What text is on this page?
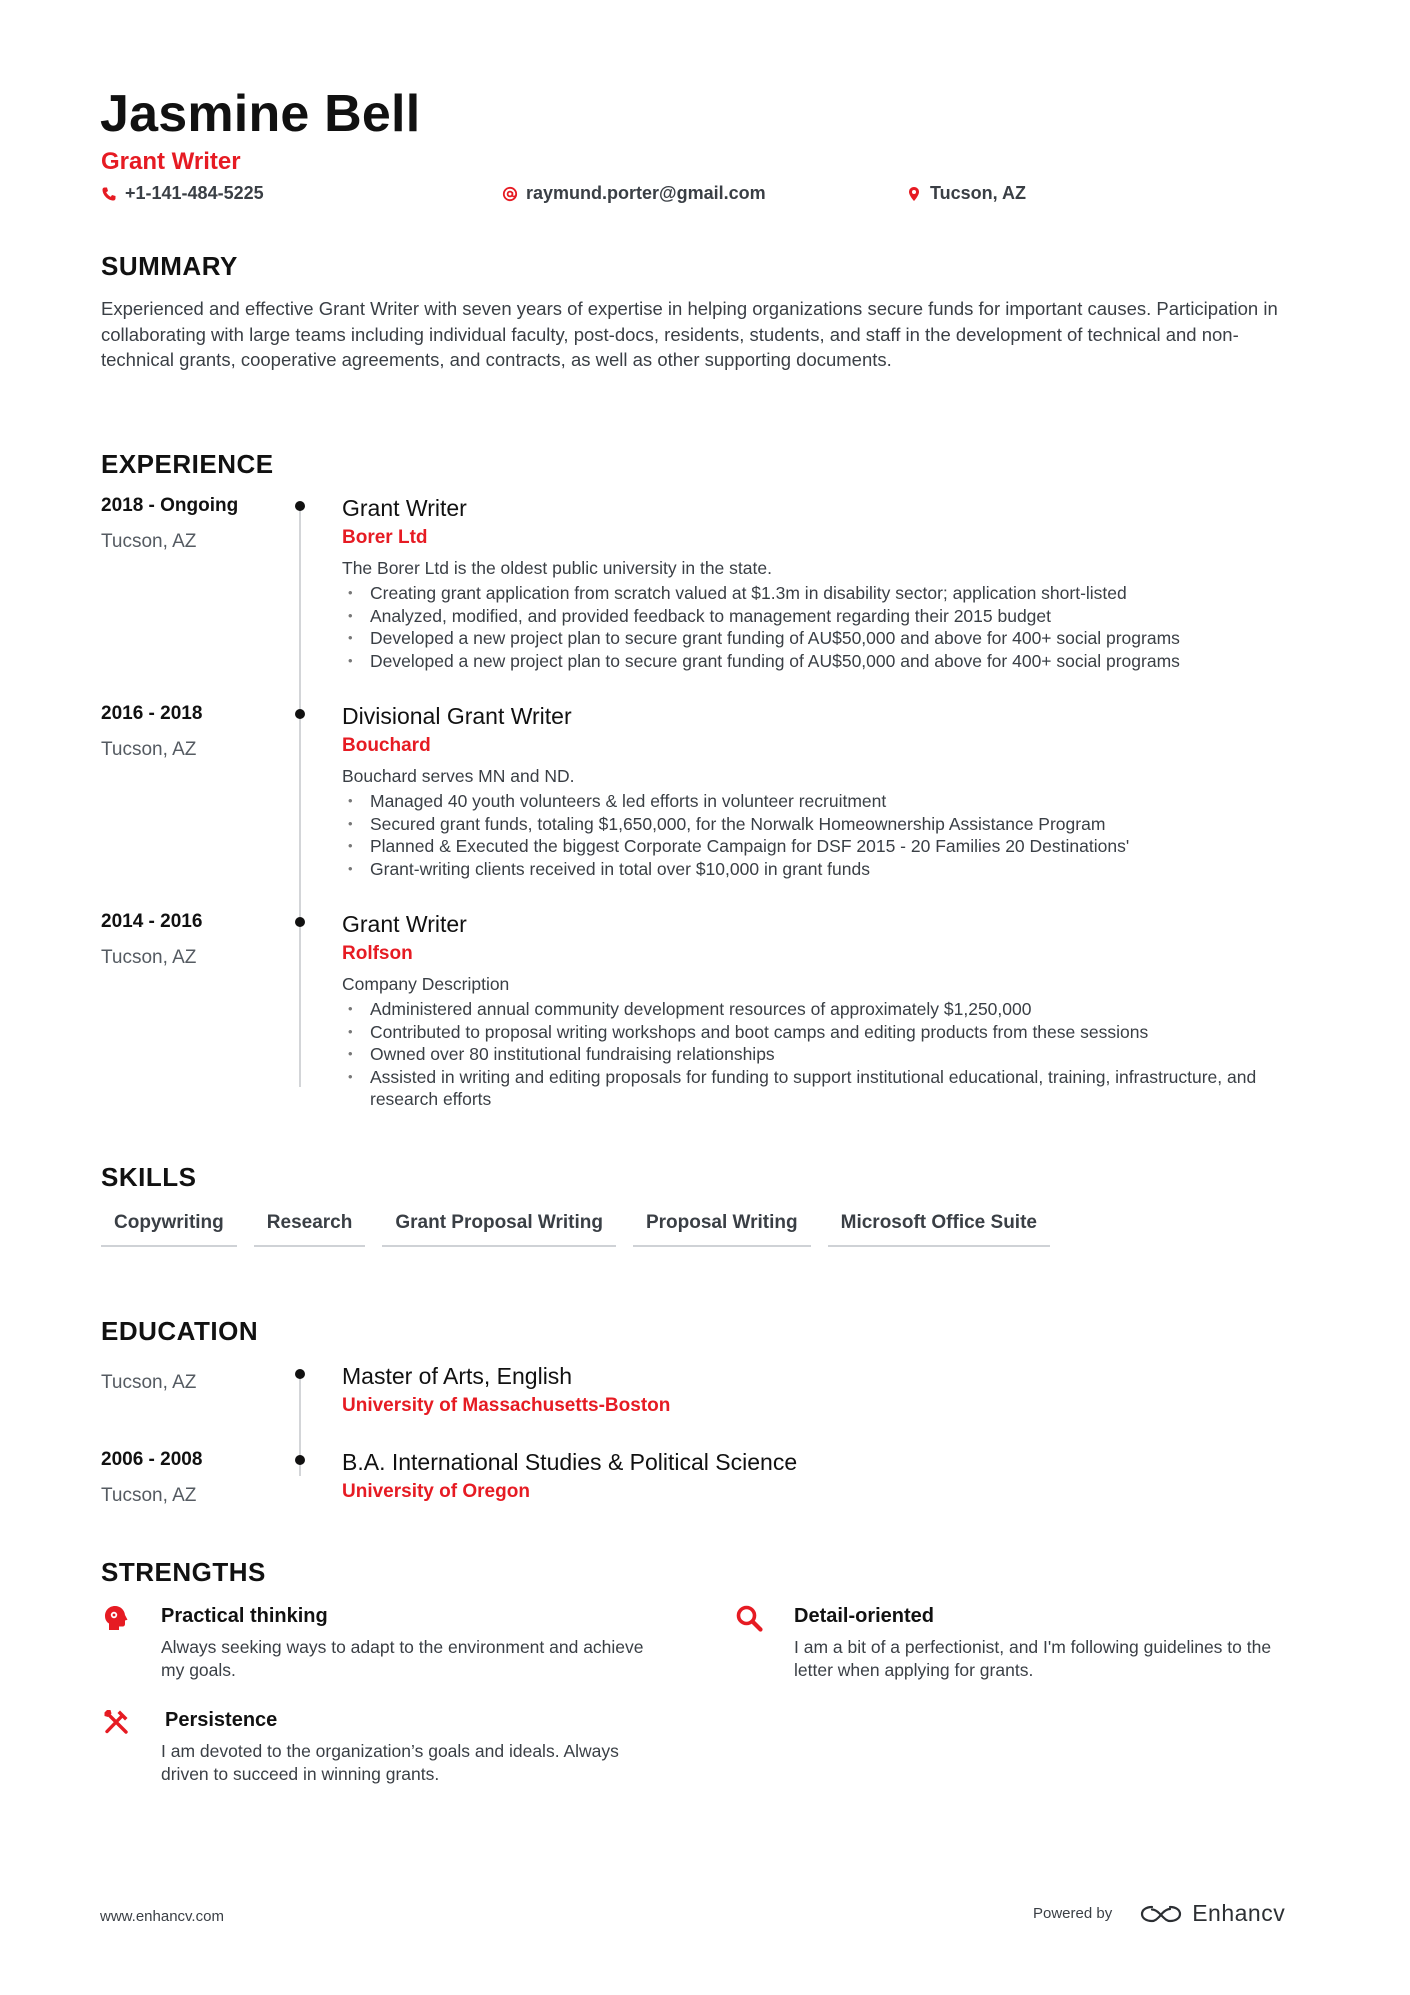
Jasmine Bell
Grant Writer
+1-141-484-5225	raymund.porter@gmail.com	Tucson, AZ
SUMMARY
Experienced and effective Grant Writer with seven years of expertise in helping organizations secure funds for important causes. Participation in collaborating with large teams including individual faculty, post-docs, residents, students, and staff in the development of technical and non-technical grants, cooperative agreements, and contracts, as well as other supporting documents.
EXPERIENCE
2018 - Ongoing
Tucson, AZ
Grant Writer
Borer Ltd
The Borer Ltd is the oldest public university in the state.
• Creating grant application from scratch valued at $1.3m in disability sector; application short-listed
• Analyzed, modified, and provided feedback to management regarding their 2015 budget
• Developed a new project plan to secure grant funding of AU$50,000 and above for 400+ social programs
• Developed a new project plan to secure grant funding of AU$50,000 and above for 400+ social programs
2016 - 2018
Tucson, AZ
Divisional Grant Writer
Bouchard
Bouchard serves MN and ND.
• Managed 40 youth volunteers & led efforts in volunteer recruitment
• Secured grant funds, totaling $1,650,000, for the Norwalk Homeownership Assistance Program
• Planned & Executed the biggest Corporate Campaign for DSF 2015 - 20 Families 20 Destinations'
• Grant-writing clients received in total over $10,000 in grant funds
2014 - 2016
Tucson, AZ
Grant Writer
Rolfson
Company Description
• Administered annual community development resources of approximately $1,250,000
• Contributed to proposal writing workshops and boot camps and editing products from these sessions
• Owned over 80 institutional fundraising relationships
• Assisted in writing and editing proposals for funding to support institutional educational, training, infrastructure, and research efforts
SKILLS
Copywriting	Research	Grant Proposal Writing	Proposal Writing	Microsoft Office Suite
EDUCATION
Tucson, AZ	Master of Arts, English
University of Massachusetts-Boston
2006 - 2008
Tucson, AZ
B.A. International Studies & Political Science
University of Oregon
STRENGTHS
Practical thinking
Always seeking ways to adapt to the environment and achieve my goals.
Detail-oriented
I am a bit of a perfectionist, and I'm following guidelines to the letter when applying for grants.
Persistence
I am devoted to the organization’s goals and ideals. Always driven to succeed in winning grants.
www.enhancv.com	Powered by	Enhancv
